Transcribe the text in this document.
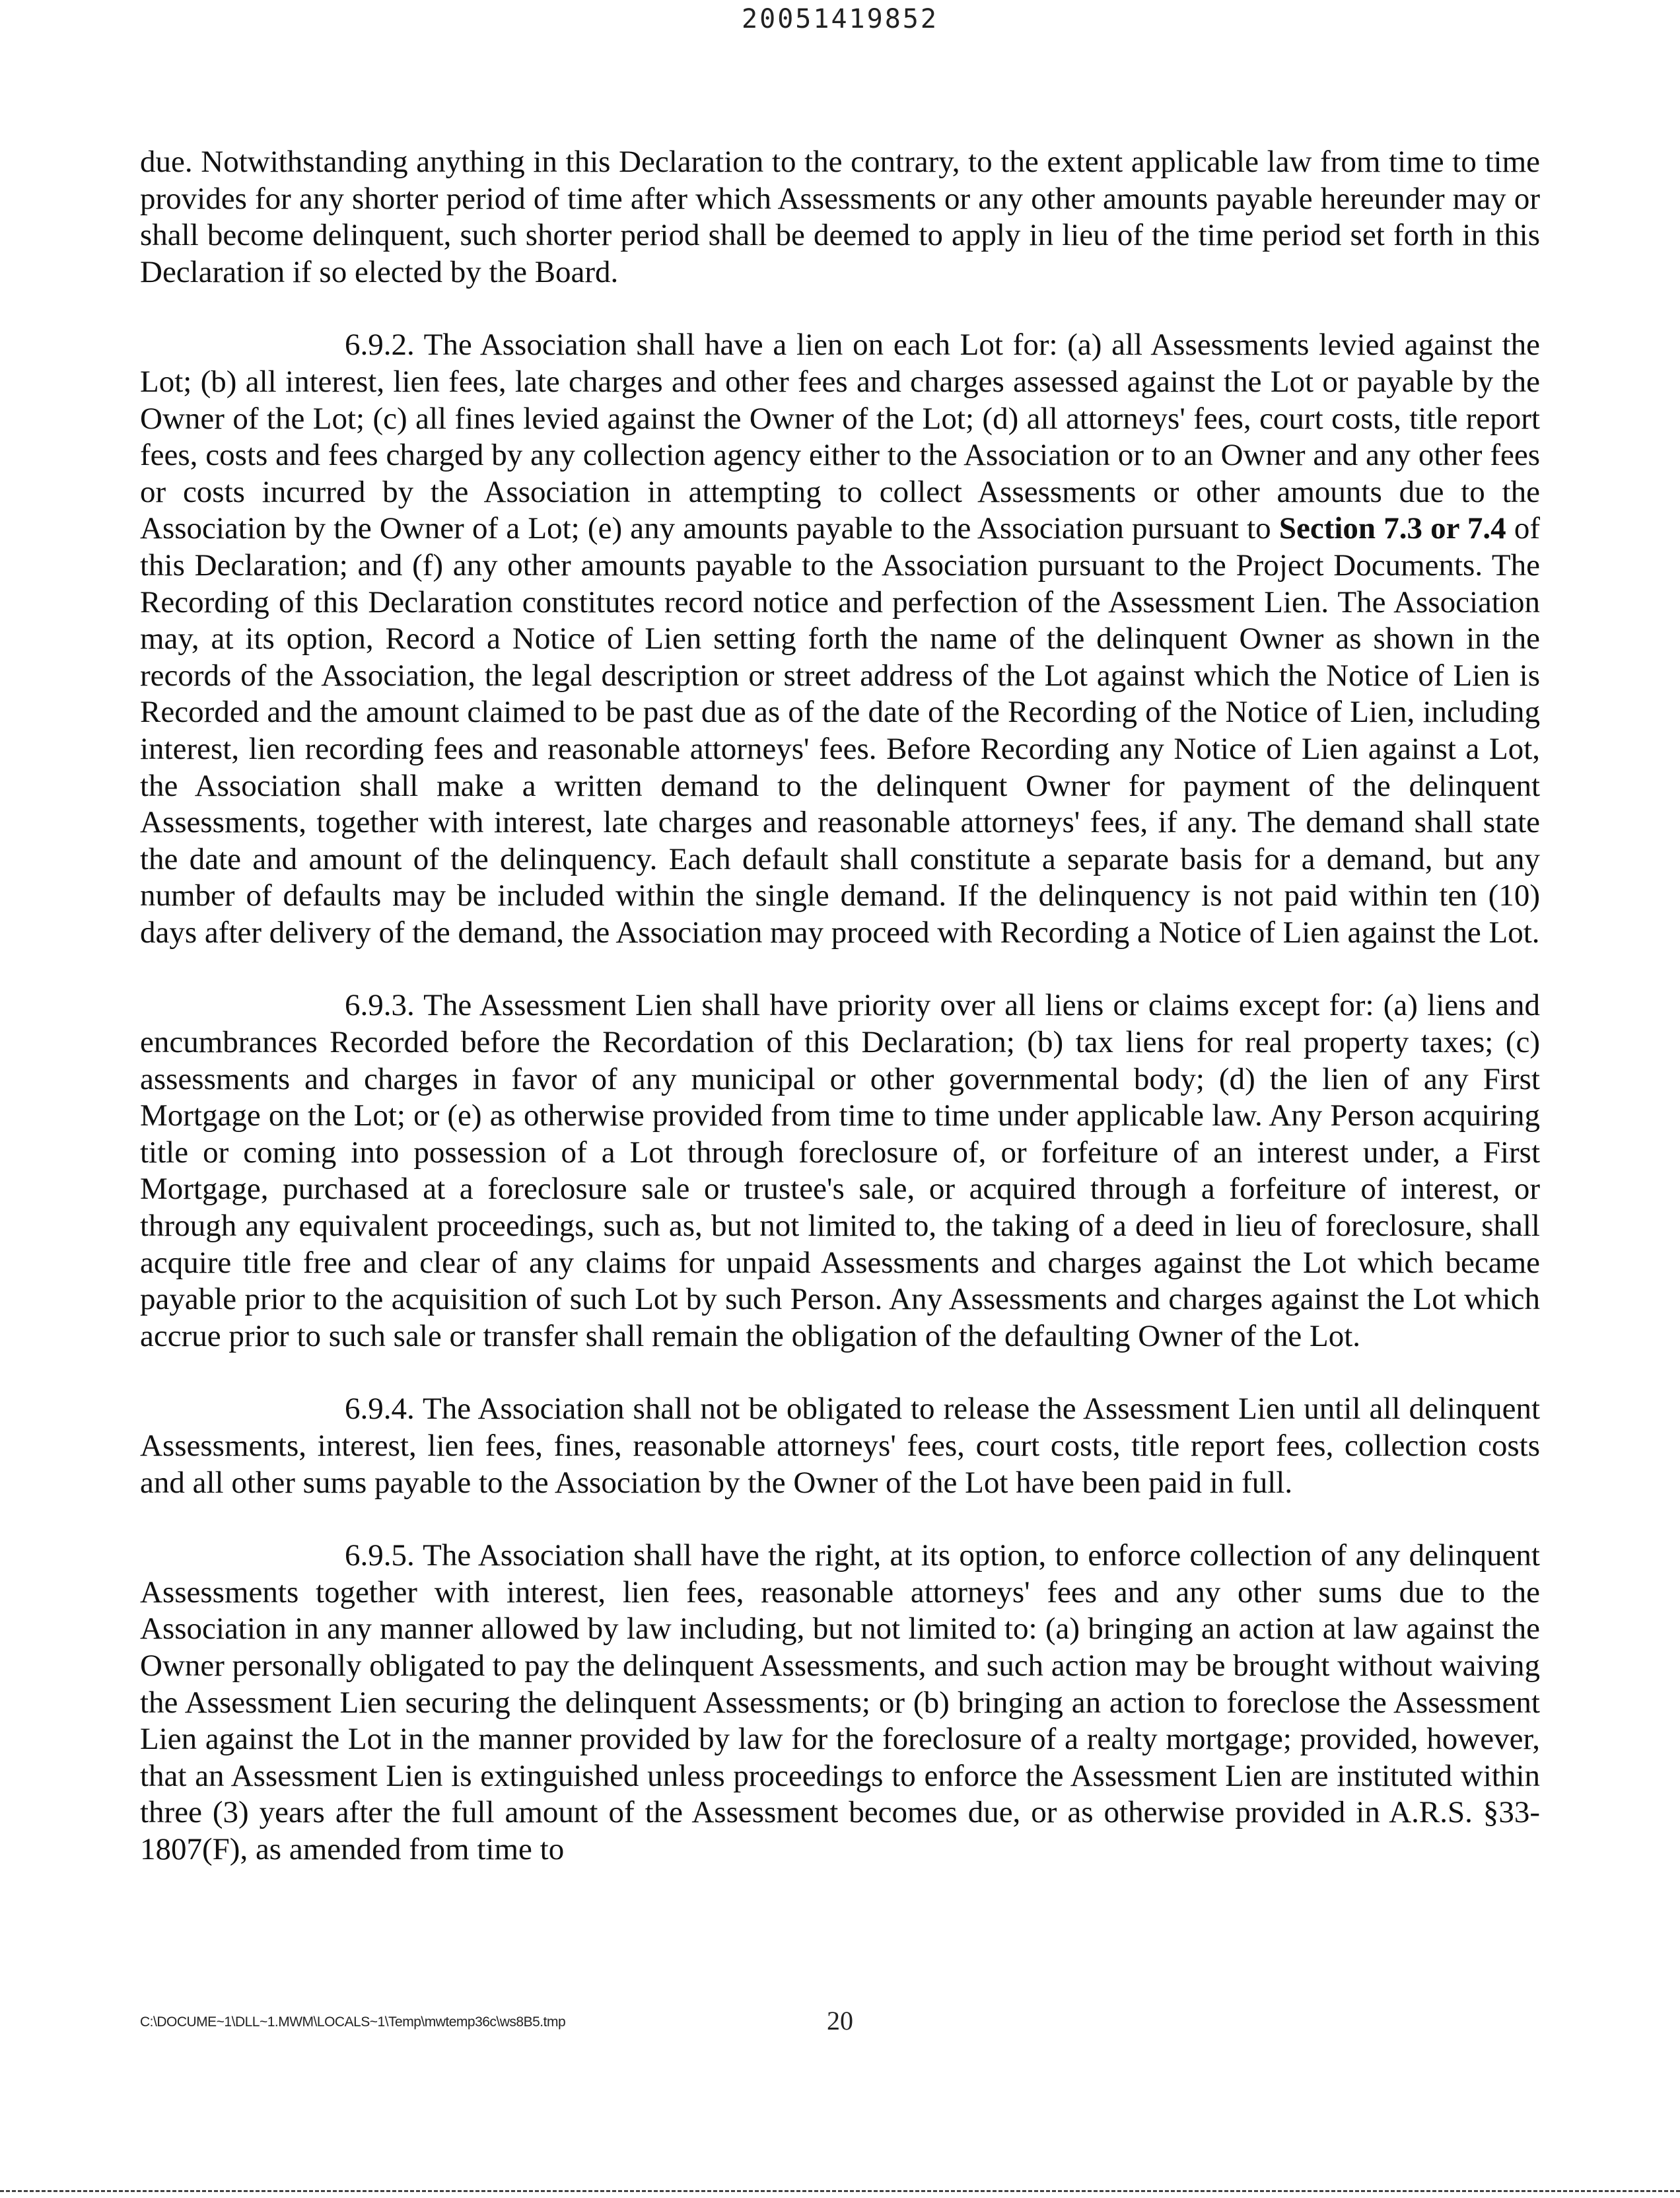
20051419852

due. Notwithstanding anything in this Declaration to the contrary, to the extent applicable law from time to time provides for any shorter period of time after which Assessments or any other amounts payable hereunder may or shall become delinquent, such shorter period shall be deemed to apply in lieu of the time period set forth in this Declaration if so elected by the Board.

6.9.2. The Association shall have a lien on each Lot for: (a) all Assessments levied against the Lot; (b) all interest, lien fees, late charges and other fees and charges assessed against the Lot or payable by the Owner of the Lot; (c) all fines levied against the Owner of the Lot; (d) all attorneys' fees, court costs, title report fees, costs and fees charged by any collection agency either to the Association or to an Owner and any other fees or costs incurred by the Association in attempting to collect Assessments or other amounts due to the Association by the Owner of a Lot; (e) any amounts payable to the Association pursuant to Section 7.3 or 7.4 of this Declaration; and (f) any other amounts payable to the Association pursuant to the Project Documents. The Recording of this Declaration constitutes record notice and perfection of the Assessment Lien. The Association may, at its option, Record a Notice of Lien setting forth the name of the delinquent Owner as shown in the records of the Association, the legal description or street address of the Lot against which the Notice of Lien is Recorded and the amount claimed to be past due as of the date of the Recording of the Notice of Lien, including interest, lien recording fees and reasonable attorneys' fees. Before Recording any Notice of Lien against a Lot, the Association shall make a written demand to the delinquent Owner for payment of the delinquent Assessments, together with interest, late charges and reasonable attorneys' fees, if any. The demand shall state the date and amount of the delinquency. Each default shall constitute a separate basis for a demand, but any number of defaults may be included within the single demand. If the delinquency is not paid within ten (10) days after delivery of the demand, the Association may proceed with Recording a Notice of Lien against the Lot.

6.9.3. The Assessment Lien shall have priority over all liens or claims except for: (a) liens and encumbrances Recorded before the Recordation of this Declaration; (b) tax liens for real property taxes; (c) assessments and charges in favor of any municipal or other governmental body; (d) the lien of any First Mortgage on the Lot; or (e) as otherwise provided from time to time under applicable law. Any Person acquiring title or coming into possession of a Lot through foreclosure of, or forfeiture of an interest under, a First Mortgage, purchased at a foreclosure sale or trustee's sale, or acquired through a forfeiture of interest, or through any equivalent proceedings, such as, but not limited to, the taking of a deed in lieu of foreclosure, shall acquire title free and clear of any claims for unpaid Assessments and charges against the Lot which became payable prior to the acquisition of such Lot by such Person. Any Assessments and charges against the Lot which accrue prior to such sale or transfer shall remain the obligation of the defaulting Owner of the Lot.

6.9.4. The Association shall not be obligated to release the Assessment Lien until all delinquent Assessments, interest, lien fees, fines, reasonable attorneys' fees, court costs, title report fees, collection costs and all other sums payable to the Association by the Owner of the Lot have been paid in full.

6.9.5. The Association shall have the right, at its option, to enforce collection of any delinquent Assessments together with interest, lien fees, reasonable attorneys' fees and any other sums due to the Association in any manner allowed by law including, but not limited to: (a) bringing an action at law against the Owner personally obligated to pay the delinquent Assessments, and such action may be brought without waiving the Assessment Lien securing the delinquent Assessments; or (b) bringing an action to foreclose the Assessment Lien against the Lot in the manner provided by law for the foreclosure of a realty mortgage; provided, however, that an Assessment Lien is extinguished unless proceedings to enforce the Assessment Lien are instituted within three (3) years after the full amount of the Assessment becomes due, or as otherwise provided in A.R.S. §33-1807(F), as amended from time to

C:\DOCUME~1\DLL~1.MWM\LOCALS~1\Temp\mwtemp36c\ws8B5.tmp	20
